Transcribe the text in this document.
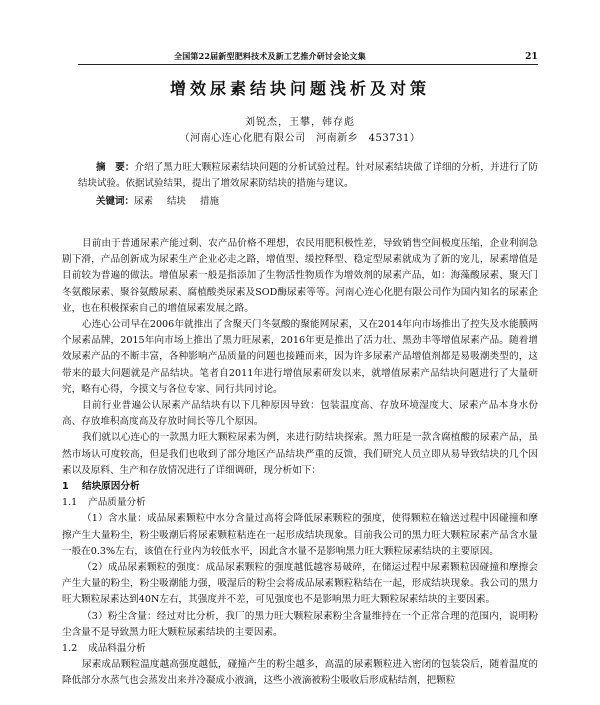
全国第22届新型肥料技术及新工艺推介研讨会论文集	21
增效尿素结块问题浅析及对策
刘锐杰，王攀，韩存彪
（河南心连心化肥有限公司　河南新乡　453731）
摘　要：介绍了黑力旺大颗粒尿素结块问题的分析试验过程。针对尿素结块做了详细的分析，并进行了防结块试验。依据试验结果，提出了增效尿素防结块的措施与建议。
关键词：尿素 结块 措施

目前由于普通尿素产能过剩、农产品价格不理想，农民用肥积极性差，导致销售空间极度压缩，企业利润急剧下滑，产品创新成为尿素生产企业必走之路，增值型、缓控释型、稳定型尿素就成为了新的宠儿，尿素增值是目前较为普遍的做法。增值尿素一般是指添加了生物活性物质作为增效剂的尿素产品，如：海藻酸尿素、聚天门冬氨酸尿素、聚谷氨酸尿素、腐植酸类尿素及SOD酶尿素等等。河南心连心化肥有限公司作为国内知名的尿素企业，也在积极探索自己的增值尿素发展之路。

心连心公司早在2006年就推出了含聚天门冬氨酸的聚能网尿素，又在2014年向市场推出了控失及水能膜两个尿素品牌，2015年向市场上推出了黑力旺尿素，2016年更是推出了活力壮、黑劲丰等增值尿素产品。随着增效尿素产品的不断丰富，各种影响产品质量的问题也接踵而来，因为许多尿素产品增值剂都是易吸潮类型的，这带来的最大问题就是产品结块。笔者自2011年进行增值尿素研发以来，就增值尿素产品结块问题进行了大量研究，略有心得，今摸文与各位专家、同行共同讨论。

目前行业普遍公认尿素产品结块有以下几种原因导致：包装温度高、存放环境湿度大、尿素产品本身水份高、存放堆积高度高及存放时间长等几个原因。

我们就以心连心的一款黑力旺大颗粒尿素为例，来进行防结块探索。黑力旺是一款含腐植酸的尿素产品，虽然市场认可度较高，但是我们也收到了部分地区产品结块严重的反馈，我们研究人员立即从易导致结块的几个因素以及原料、生产和存放情况进行了详细调研，现分析如下：

1 结块原因分析

1.1 产品质量分析

（1）含水量：成品尿素颗粒中水分含量过高将会降低尿素颗粒的强度，使得颗粒在输送过程中因碰撞和摩擦产生大量粉尘，粉尘吸潮后将尿素颗粒粘连在一起形成结块现象。目前我公司的黑力旺大颗粒尿素产品含水量一般在0.3%左右，该值在行业内为较低水平，因此含水量不是影响黑力旺大颗粒尿素结块的主要原因。

（2）成品尿素颗粒的强度：成品尿素颗粒的强度越低越容易破碎，在储运过程中尿素颗粒因碰撞和摩擦会产生大量的粉尘，粉尘吸潮能力强，吸湿后的粉尘会将成品尿素颗粒粘结在一起，形成结块现象。我公司的黑力旺大颗粒尿素达到40N左右，其强度并不差，可见强度也不是影响黑力旺大颗粒尿素结块的主要因素。

（3）粉尘含量：经过对比分析，我厂的黑力旺大颗粒尿素粉尘含量维持在一个正常合理的范围内，说明粉尘含量不是导致黑力旺大颗粒尿素结块的主要因素。

1.2 成品料温分析

尿素成品颗粒温度越高强度越低，碰撞产生的粉尘越多，高温的尿素颗粒进入密闭的包装袋后，随着温度的降低部分水蒸气也会蒸发出来并冷凝成小液滴，这些小液滴被粉尘吸收后形成粘结剂，把颗粒
